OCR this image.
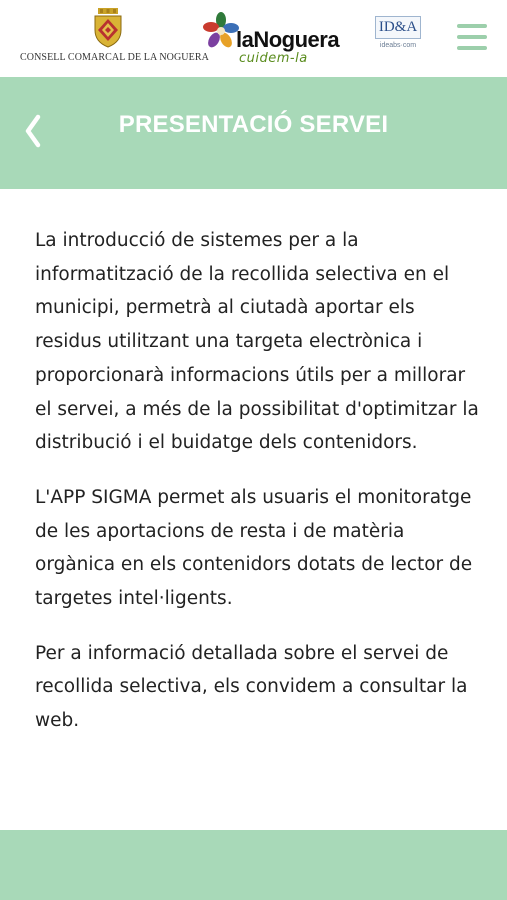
CONSELL COMARCAL DE LA NOGUERA
laNoguera
cuidem-la
ID&A
ideabs·com
PRESENTACIÓ SERVEI

La introducció de sistemes per a la informatització de la recollida selectiva en el municipi, permetrà al ciutadà aportar els residus utilitzant una targeta electrònica i proporcionarà informacions útils per a millorar el servei, a més de la possibilitat d'optimitzar la distribució i el buidatge dels contenidors.

L'APP SIGMA permet als usuaris el monitoratge de les aportacions de resta i de matèria orgànica en els contenidors dotats de lector de targetes intel·ligents.

Per a informació detallada sobre el servei de recollida selectiva, els convidem a consultar la web.
